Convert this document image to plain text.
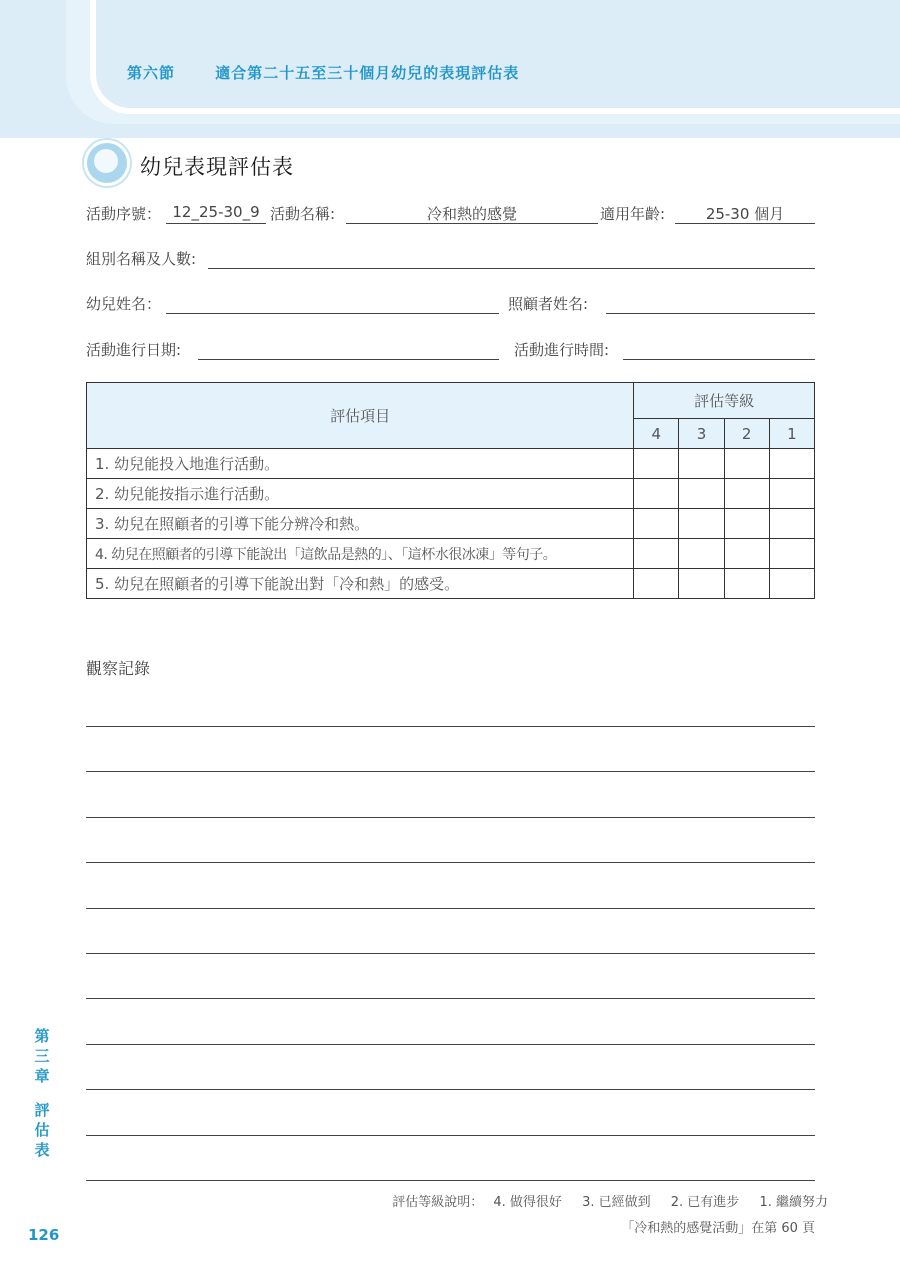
第六節	適合第二十五至三十個月幼兒的表現評估表
幼兒表現評估表
活動序號： 12_25-30_9 活動名稱:	冷和熱的感覺	適用年齡:	25-30 個月
組別名稱及人數:
幼兒姓名：	照顧者姓名:
活動進行日期:	活動進行時間:
評估項目	評估等級			
	4	3	2	1
1. 幼兒能投入地進行活動。				
2. 幼兒能按指示進行活動。				
3. 幼兒在照顧者的引導下能分辨冷和熱。				
4. 幼兒在照顧者的引導下能說出「這飲品是熱的」、「這杯水很冰凍」等句子。				
5. 幼兒在照顧者的引導下能說出對「冷和熱」的感受。				
觀察記錄
第三章
評估表
評估等級說明： 4. 做得很好 3. 已經做到 2. 已有進步 1. 繼續努力
「冷和熱的感覺活動」在第 60 頁
126
